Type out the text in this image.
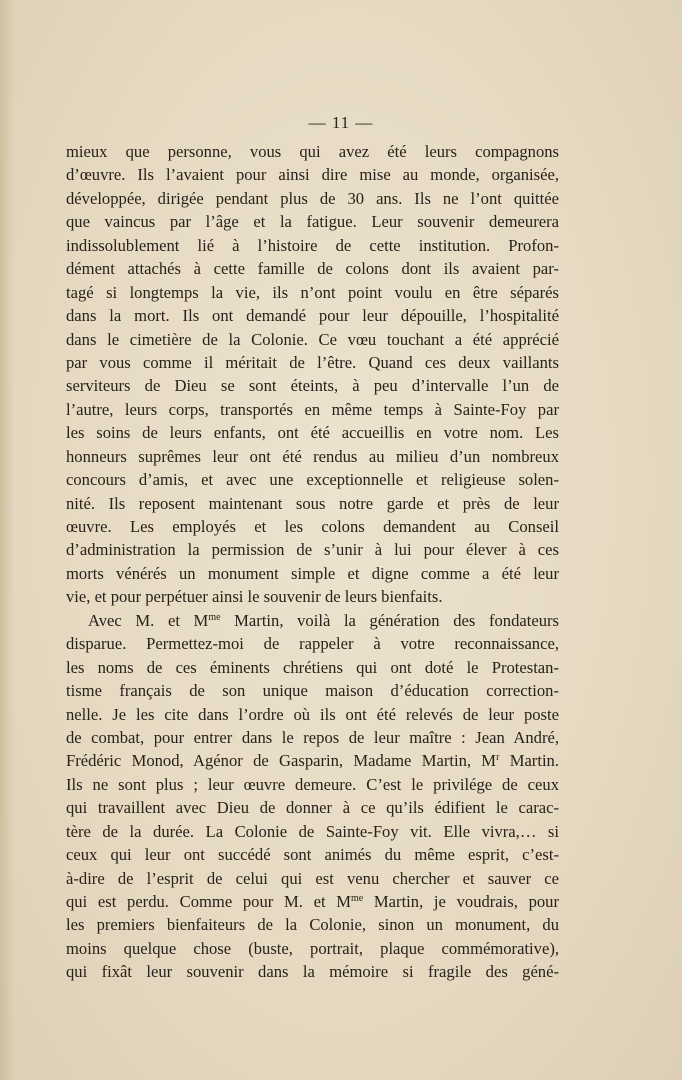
— 11 —
mieux que personne, vous qui avez été leurs compagnons
d’œuvre. Ils l’avaient pour ainsi dire mise au monde, organisée,
développée, dirigée pendant plus de 30 ans. Ils ne l’ont quittée
que vaincus par l’âge et la fatigue. Leur souvenir demeurera
indissolublement lié à l’histoire de cette institution. Profon-
dément attachés à cette famille de colons dont ils avaient par-
tagé si longtemps la vie, ils n’ont point voulu en être séparés
dans la mort. Ils ont demandé pour leur dépouille, l’hospitalité
dans le cimetière de la Colonie. Ce vœu touchant a été apprécié
par vous comme il méritait de l’être. Quand ces deux vaillants
serviteurs de Dieu se sont éteints, à peu d’intervalle l’un de
l’autre, leurs corps, transportés en même temps à Sainte-Foy par
les soins de leurs enfants, ont été accueillis en votre nom. Les
honneurs suprêmes leur ont été rendus au milieu d’un nombreux
concours d’amis, et avec une exceptionnelle et religieuse solen-
nité. Ils reposent maintenant sous notre garde et près de leur
œuvre. Les employés et les colons demandent au Conseil
d’administration la permission de s’unir à lui pour élever à ces
morts vénérés un monument simple et digne comme a été leur
vie, et pour perpétuer ainsi le souvenir de leurs bienfaits.
Avec M. et $M^{me}$ Martin, voilà la génération des fondateurs
disparue. Permettez-moi de rappeler à votre reconnaissance,
les noms de ces éminents chrétiens qui ont doté le Protestan-
tisme français de son unique maison d’éducation correction-
nelle. Je les cite dans l’ordre où ils ont été relevés de leur poste
de combat, pour entrer dans le repos de leur maître : Jean André,
Frédéric Monod, Agénor de Gasparin, Madame Martin, $M^r$ Martin.
Ils ne sont plus ; leur œuvre demeure. C’est le privilége de ceux
qui travaillent avec Dieu de donner à ce qu’ils édifient le carac-
tère de la durée. La Colonie de Sainte-Foy vit. Elle vivra,… si
ceux qui leur ont succédé sont animés du même esprit, c’est-
à-dire de l’esprit de celui qui est venu chercher et sauver ce
qui est perdu. Comme pour M. et $M^{me}$ Martin, je voudrais, pour
les premiers bienfaiteurs de la Colonie, sinon un monument, du
moins quelque chose (buste, portrait, plaque commémorative),
qui fixât leur souvenir dans la mémoire si fragile des géné-
